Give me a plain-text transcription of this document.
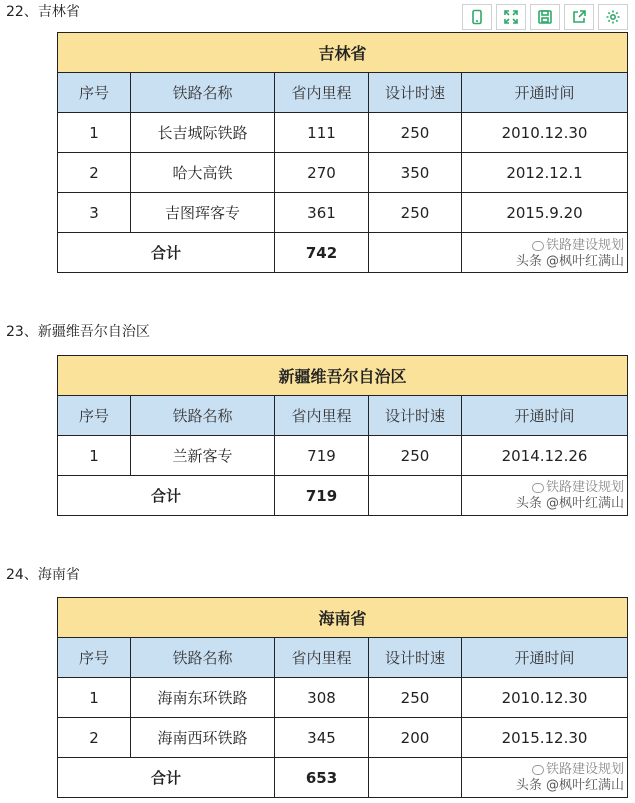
22、吉林省
吉林省				
序号	铁路名称	省内里程	设计时速	开通时间
1	长吉城际铁路	111	250	2010.12.30
2	哈大高铁	270	350	2012.12.1
3	吉图珲客专	361	250	2015.9.20
合计		742			铁路建设规划
头条 @枫叶红满山
23、新疆维吾尔自治区
新疆维吾尔自治区				
序号	铁路名称	省内里程	设计时速	开通时间
1	兰新客专	719	250	2014.12.26
合计		719			铁路建设规划
头条 @枫叶红满山
24、海南省
海南省				
序号	铁路名称	省内里程	设计时速	开通时间
1	海南东环铁路	308	250	2010.12.30
2	海南西环铁路	345	200	2015.12.30
合计		653			铁路建设规划
头条 @枫叶红满山
